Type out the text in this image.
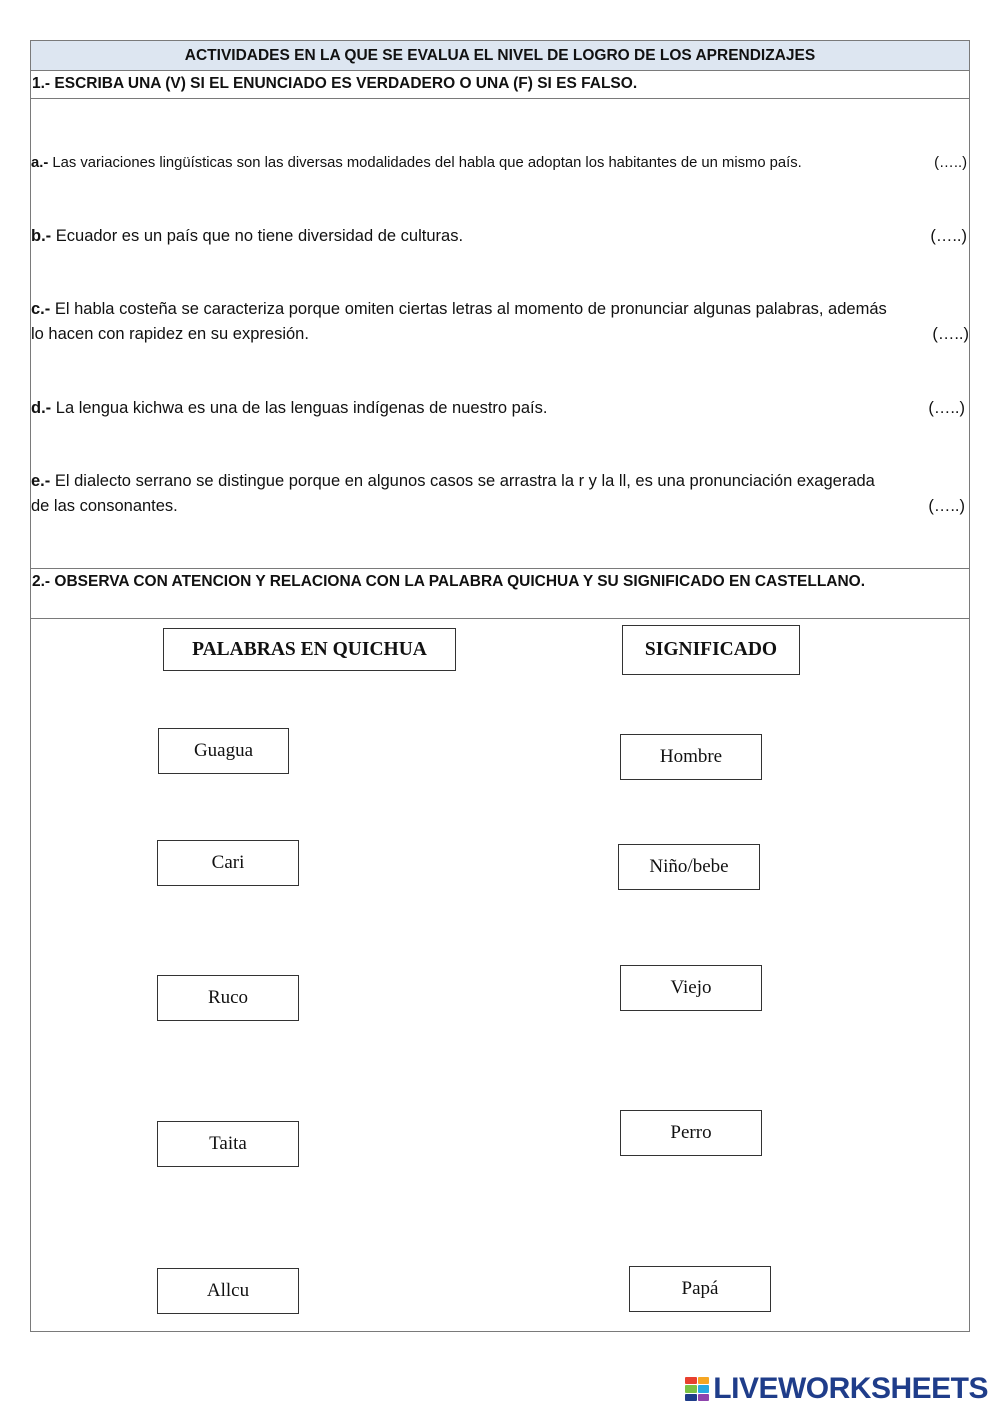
ACTIVIDADES EN LA QUE SE EVALUA EL NIVEL DE LOGRO DE LOS APRENDIZAJES
1.- ESCRIBA UNA (V) SI EL ENUNCIADO ES VERDADERO O UNA (F) SI ES FALSO.
a.- Las variaciones lingüísticas son las diversas modalidades del habla que adoptan los habitantes de un mismo país.	(…..)
b.- Ecuador es un país que no tiene diversidad de culturas.	(…..)
c.- El habla costeña se caracteriza porque omiten ciertas letras al momento de pronunciar algunas palabras, además
lo hacen con rapidez en su expresión.	(…..)
d.- La lengua kichwa es una de las lenguas indígenas de nuestro país.	(…..)
e.- El dialecto serrano se distingue porque en algunos casos se arrastra la r y la ll, es una pronunciación exagerada
de las consonantes.	(…..)
2.- OBSERVA CON ATENCION Y RELACIONA CON LA PALABRA QUICHUA Y SU SIGNIFICADO EN CASTELLANO.
PALABRAS EN QUICHUA	SIGNIFICADO
Guagua
Cari
Ruco
Taita
Allcu
Hombre
Niño/bebe
Viejo
Perro
Papá
LIVEWORKSHEETS
